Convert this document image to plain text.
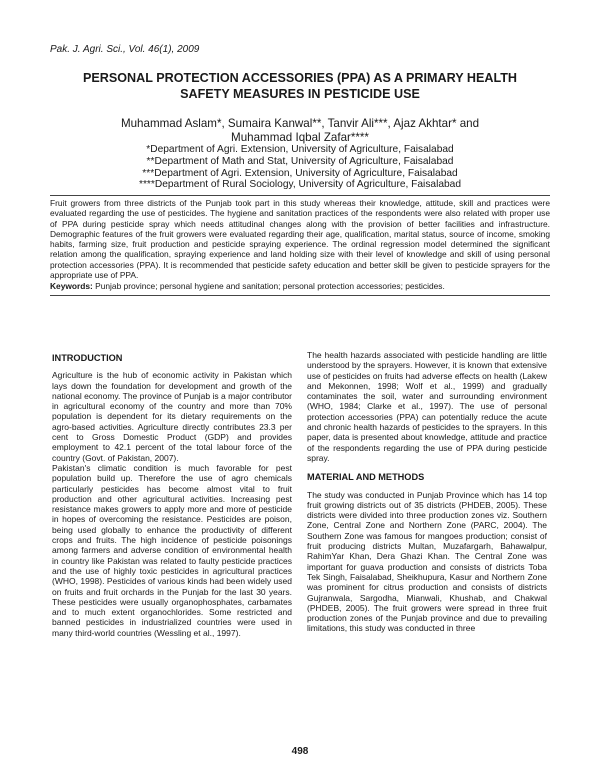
Pak. J. Agri. Sci., Vol. 46(1), 2009
PERSONAL PROTECTION ACCESSORIES (PPA) AS A PRIMARY HEALTH
SAFETY MEASURES IN PESTICIDE USE
Muhammad Aslam*, Sumaira Kanwal**, Tanvir Ali***, Ajaz Akhtar* and
Muhammad Iqbal Zafar****
*Department of Agri. Extension, University of Agriculture, Faisalabad
**Department of Math and Stat, University of Agriculture, Faisalabad
***Department of Agri. Extension, University of Agriculture, Faisalabad
****Department of Rural Sociology, University of Agriculture, Faisalabad

Fruit growers from three districts of the Punjab took part in this study whereas their knowledge, attitude, skill and practices were evaluated regarding the use of pesticides. The hygiene and sanitation practices of the respondents were also related with proper use of PPA during pesticide spray which needs attitudinal changes along with the provision of better facilities and infrastructure. Demographic features of the fruit growers were evaluated regarding their age, qualification, marital status, source of income, smoking habits, farming size, fruit production and pesticide spraying experience. The ordinal regression model determined the significant relation among the qualification, spraying experience and land holding size with their level of knowledge and skill of using personal protection accessories (PPA). It is recommended that pesticide safety education and better skill be given to pesticide sprayers for the appropriate use of PPA.

Keywords: Punjab province; personal hygiene and sanitation; personal protection accessories; pesticides.

INTRODUCTION

Agriculture is the hub of economic activity in Pakistan which lays down the foundation for development and growth of the national economy. The province of Punjab is a major contributor in agricultural economy of the country and more than 70% population is dependent for its dietary requirements on the agro-based activities. Agriculture directly contributes 23.3 per cent to Gross Domestic Product (GDP) and provides employment to 42.1 percent of the total labour force of the country (Govt. of Pakistan, 2007).

Pakistan's climatic condition is much favorable for pest population build up. Therefore the use of agro chemicals particularly pesticides has become almost vital to fruit production and other agricultural activities. Increasing pest resistance makes growers to apply more and more of pesticide in hopes of overcoming the resistance. Pesticides are poison, being used globally to enhance the productivity of different crops and fruits. The high incidence of pesticide poisonings among farmers and adverse condition of environmental health in country like Pakistan was related to faulty pesticide practices and the use of highly toxic pesticides in agricultural practices (WHO, 1998). Pesticides of various kinds had been widely used on fruits and fruit orchards in the Punjab for the last 30 years. These pesticides were usually organophosphates, carbamates and to much extent organochlorides. Some restricted and banned pesticides in industrialized countries were used in many third-world countries (Wessling et al., 1997).

The health hazards associated with pesticide handling are little understood by the sprayers. However, it is known that extensive use of pesticides on fruits had adverse effects on health (Lakew and Mekonnen, 1998; Wolf et al., 1999) and gradually contaminates the soil, water and surrounding environment (WHO, 1984; Clarke et al., 1997). The use of personal protection accessories (PPA) can potentially reduce the acute and chronic health hazards of pesticides to the sprayers. In this paper, data is presented about knowledge, attitude and practice of the respondents regarding the use of PPA during pesticide spray.

MATERIAL AND METHODS

The study was conducted in Punjab Province which has 14 top fruit growing districts out of 35 districts (PHDEB, 2005). These districts were divided into three production zones viz. Southern Zone, Central Zone and Northern Zone (PARC, 2004). The Southern Zone was famous for mangoes production; consist of fruit producing districts Multan, Muzafargarh, Bahawalpur, RahimYar Khan, Dera Ghazi Khan. The Central Zone was important for guava production and consists of districts Toba Tek Singh, Faisalabad, Sheikhupura, Kasur and Northern Zone was prominent for citrus production and consists of districts Gujranwala, Sargodha, Mianwali, Khushab, and Chakwal (PHDEB, 2005). The fruit growers were spread in three fruit production zones of the Punjab province and due to prevailing limitations, this study was conducted in three

498
